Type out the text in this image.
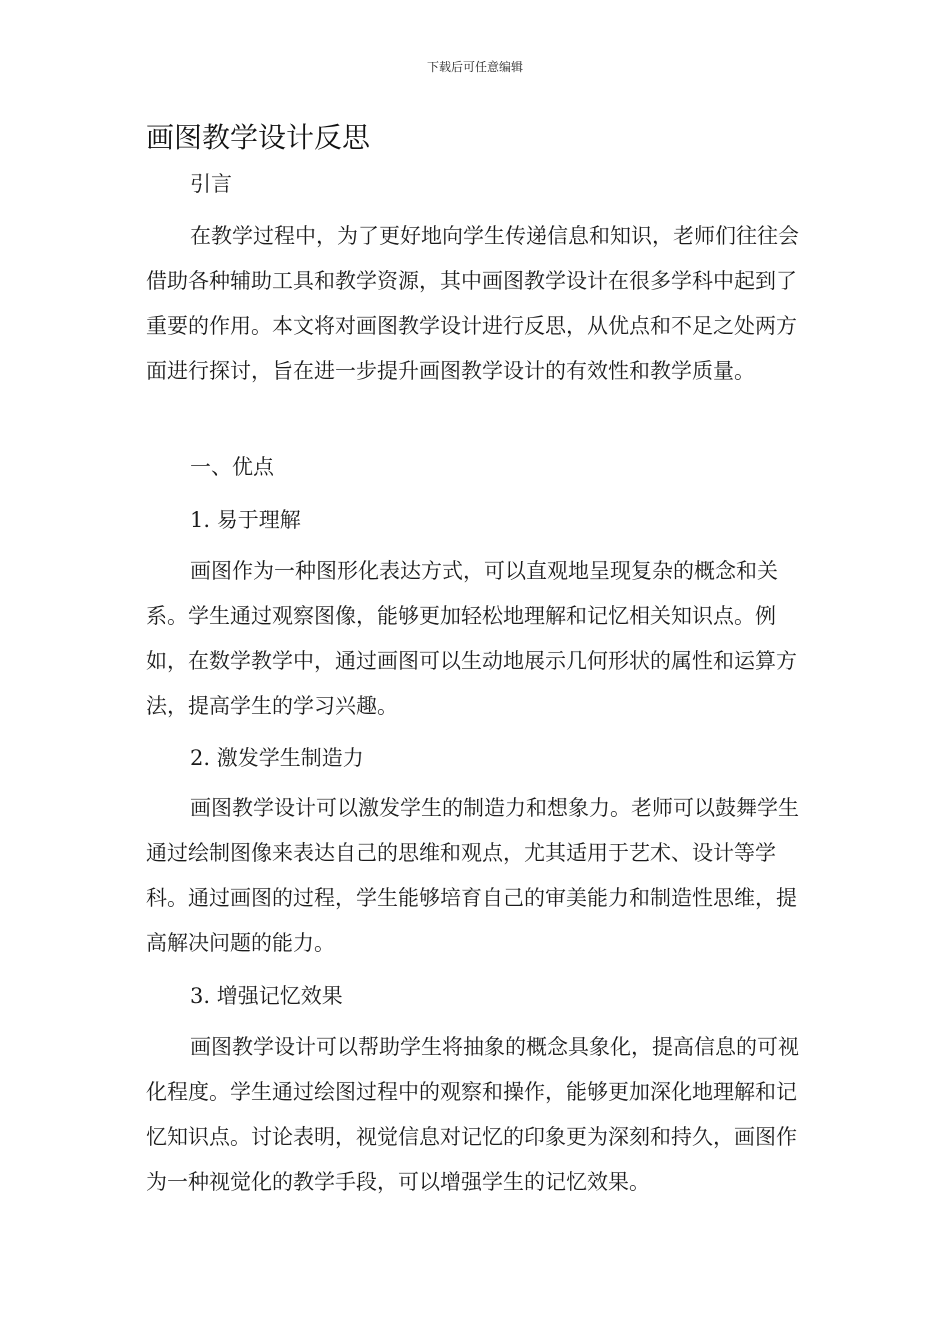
下载后可任意编辑
画图教学设计反思
引言

在教学过程中，为了更好地向学生传递信息和知识，老师们往往会借助各种辅助工具和教学资源，其中画图教学设计在很多学科中起到了重要的作用。本文将对画图教学设计进行反思，从优点和不足之处两方面进行探讨，旨在进一步提升画图教学设计的有效性和教学质量。

一、优点
1. 易于理解

画图作为一种图形化表达方式，可以直观地呈现复杂的概念和关系。学生通过观察图像，能够更加轻松地理解和记忆相关知识点。例如，在数学教学中，通过画图可以生动地展示几何形状的属性和运算方法，提高学生的学习兴趣。

2. 激发学生制造力

画图教学设计可以激发学生的制造力和想象力。老师可以鼓舞学生通过绘制图像来表达自己的思维和观点，尤其适用于艺术、设计等学科。通过画图的过程，学生能够培育自己的审美能力和制造性思维，提高解决问题的能力。

3. 增强记忆效果

画图教学设计可以帮助学生将抽象的概念具象化，提高信息的可视化程度。学生通过绘图过程中的观察和操作，能够更加深化地理解和记忆知识点。讨论表明，视觉信息对记忆的印象更为深刻和持久，画图作为一种视觉化的教学手段，可以增强学生的记忆效果。
